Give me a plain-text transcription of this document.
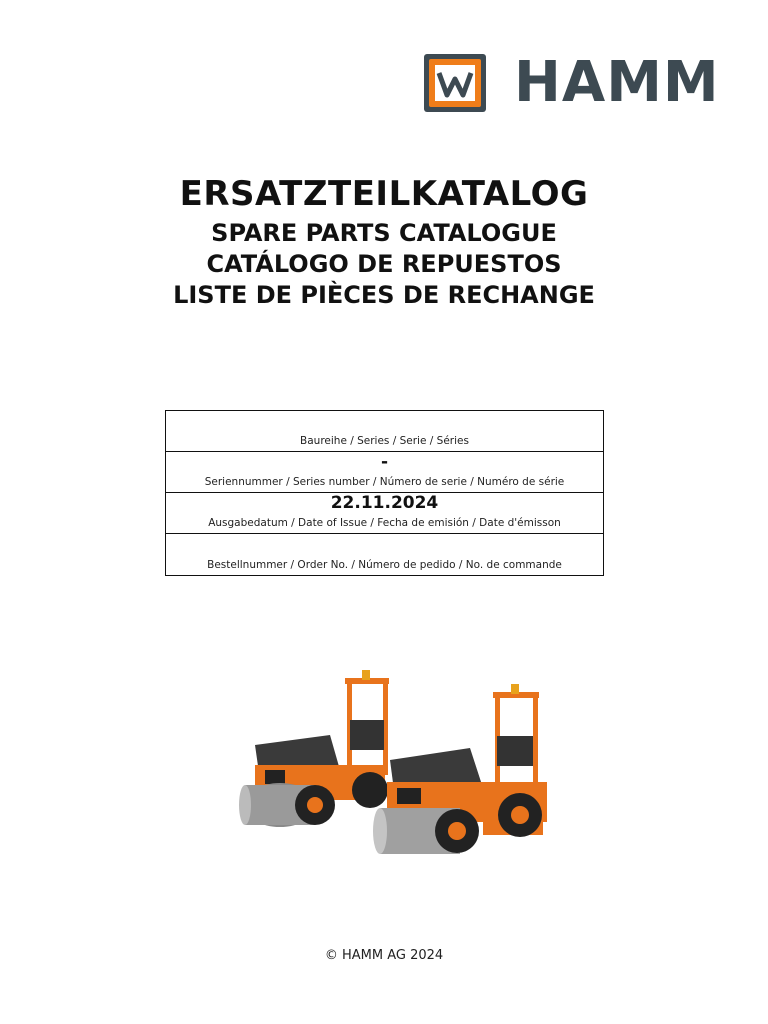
HAMM

ERSATZTEILKATALOG

SPARE PARTS CATALOGUE

CATÁLOGO DE REPUESTOS

LISTE DE PIÈCES DE RECHANGE

Baureihe / Series / Serie / Séries
-
Seriennummer / Series number / Número de serie / Numéro de série
22.11.2024
Ausgabedatum / Date of Issue / Fecha de emisión / Date d'émisson
Bestellnummer / Order No. / Número de pedido / No. de commande
© HAMM AG 2024
